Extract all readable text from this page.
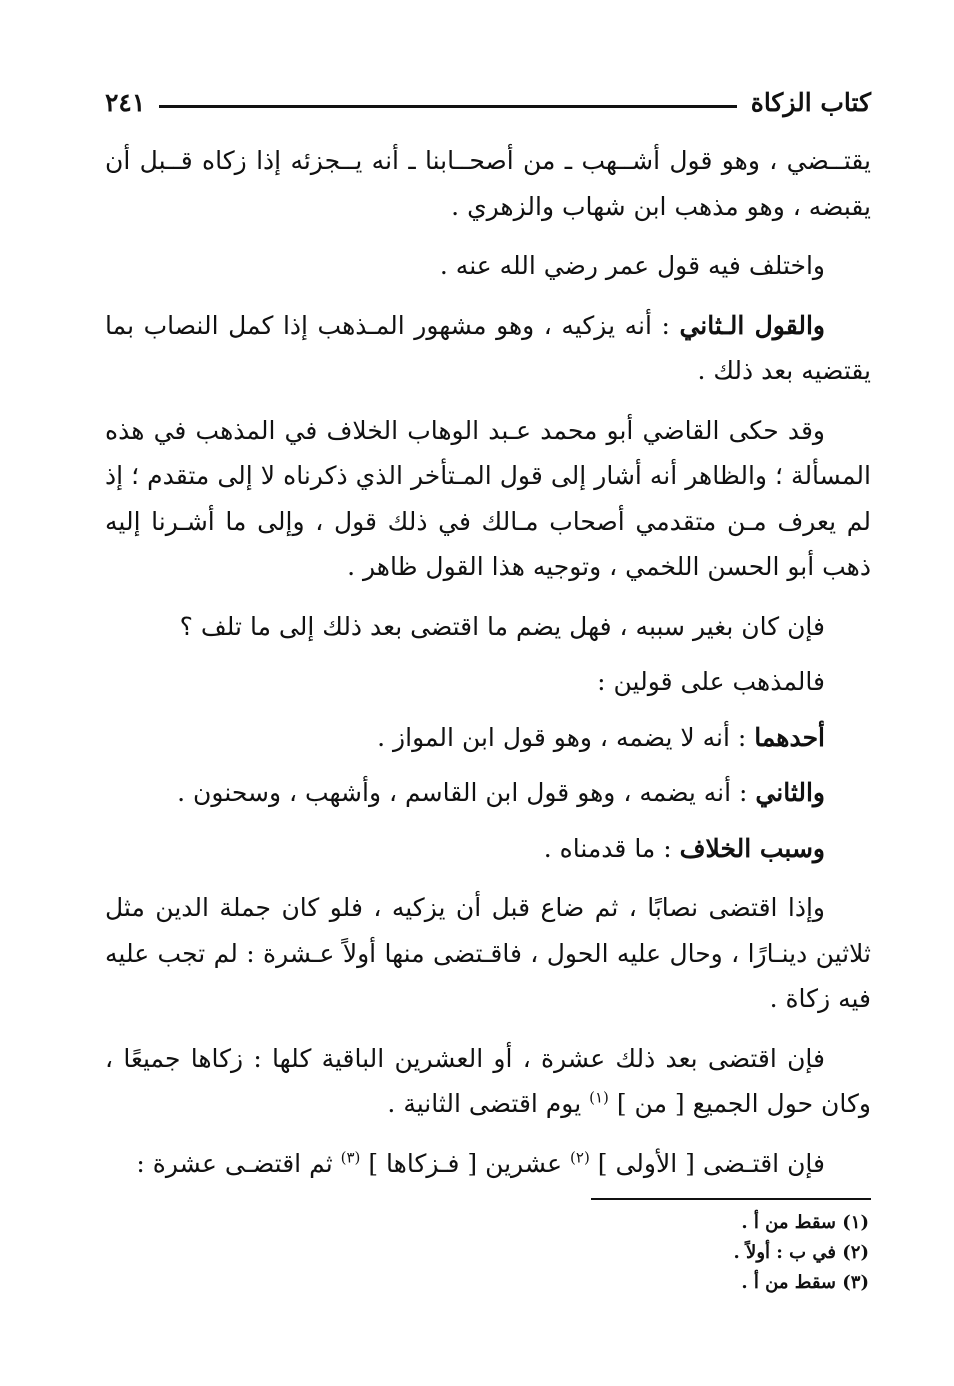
كتاب الزكاة
٢٤١

يقتــضي ، وهو قول أشــهب ـ من أصحــابنا ـ أنه يــجزئه إذا زكاه قــبل أن يقبضه ، وهو مذهب ابن شهاب والزهري .

واختلف فيه قول عمر رضي الله عنه .

والقول الـثاني : أنه يزكيه ، وهو مشهور المـذهب إذا كمل النصاب بما يقتضيه بعد ذلك .

وقد حكى القاضي أبو محمد عـبد الوهاب الخلاف في المذهب في هذه المسألة ؛ والظاهر أنه أشار إلى قول المـتأخر الذي ذكرناه لا إلى متقدم ؛ إذ لم يعرف مـن متقدمي أصحاب مـالك في ذلك قول ، وإلى ما أشـرنا إليه ذهب أبو الحسن اللخمي ، وتوجيه هذا القول ظاهر .

فإن كان بغير سببه ، فهل يضم ما اقتضى بعد ذلك إلى ما تلف ؟

فالمذهب على قولين :

أحدهما : أنه لا يضمه ، وهو قول ابن المواز .

والثاني : أنه يضمه ، وهو قول ابن القاسم ، وأشهب ، وسحنون .

وسبب الخلاف : ما قدمناه .

وإذا اقتضى نصابًا ، ثم ضاع قبل أن يزكيه ، فلو كان جملة الدين مثل ثلاثين دينـارًا ، وحال عليه الحول ، فاقـتضى منها أولاً عـشرة : لم تجب عليه فيه زكاة .

فإن اقتضى بعد ذلك عشرة ، أو العشرين الباقية كلها : زكاها جميعًا ، وكان حول الجميع [ من ] $^{(١)}$ يوم اقتضى الثانية .

فإن اقتـضى [ الأولى ] $^{(٢)}$ عشرين [ فـزكاها ] $^{(٣)}$ ثم اقتضـى عشرة :

(١) سقط من أ .
(٢) في ب : أولاً .
(٣) سقط من أ .
